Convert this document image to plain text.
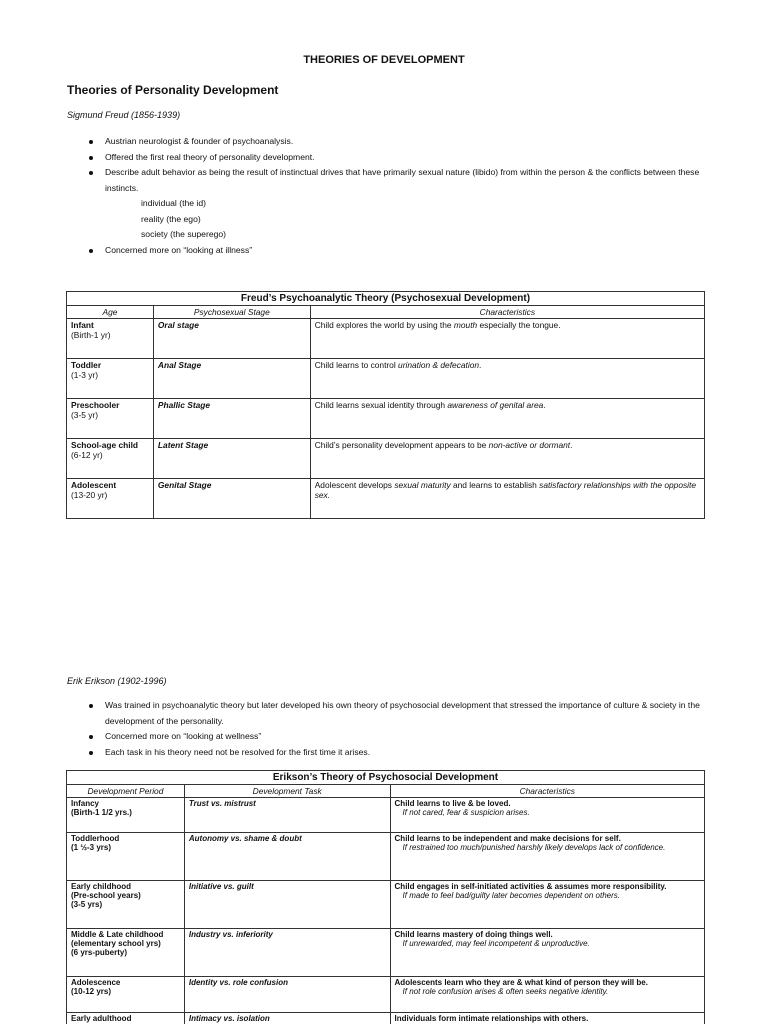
THEORIES OF DEVELOPMENT
Theories of Personality Development
Sigmund Freud (1856-1939)
Austrian neurologist & founder of psychoanalysis.
Offered the first real theory of personality development.
Describe adult behavior as being the result of instinctual drives that have primarily sexual nature (libido) from within the person & the conflicts between these instincts.
individual (the id)
reality (the ego)
society (the superego)
Concerned more on “looking at illness”
Freud’s Psychoanalytic Theory (Psychosexual Development)		
Age	Psychosexual Stage	Characteristics
Infant
(Birth-1 yr)	Oral stage	Child explores the world by using the mouth especially the tongue.
Toddler
(1-3 yr)	Anal Stage	Child learns to control urination & defecation.
Preschooler
(3-5 yr)	Phallic Stage	Child learns sexual identity through awareness of genital area.
School-age child
(6-12 yr)	Latent Stage	Child’s personality development appears to be non-active or dormant.
Adolescent
(13-20 yr)	Genital Stage	Adolescent develops sexual maturity and learns to establish satisfactory relationships with the opposite sex.
Erik Erikson (1902-1996)
Was trained in psychoanalytic theory but later developed his own theory of psychosocial development that stressed the importance of culture & society in the development of the personality.
Concerned more on “looking at wellness”
Each task in his theory need not be resolved for the first time it arises.
Erikson’s Theory of Psychosocial Development		
Development Period	Development Task	Characteristics
Infancy
(Birth-1 1/2 yrs.)	Trust vs. mistrust	Child learns to live & be loved.
If not cared, fear & suspicion arises.

Toddlerhood
(1 ½-3 yrs)	Autonomy vs. shame & doubt	Child learns to be independent and make decisions for self.
If restrained too much/punished harshly likely develops lack of confidence.

Early childhood
(Pre-school years)
(3-5 yrs)	Initiative vs. guilt	Child engages in self-initiated activities & assumes more responsibility.
If made to feel bad/guilty later becomes dependent on others.

Middle & Late childhood
(elementary school yrs)
(6 yrs-puberty)	Industry vs. inferiority	Child learns mastery of doing things well.
If unrewarded, may feel incompetent & unproductive.

Adolescence
(10-12 yrs)	Identity vs. role confusion	Adolescents learn who they are & what kind of person they will be.
If not role confusion arises & often seeks negative identity.

Early adulthood	Intimacy vs. isolation	Individuals form intimate relationships with others.
